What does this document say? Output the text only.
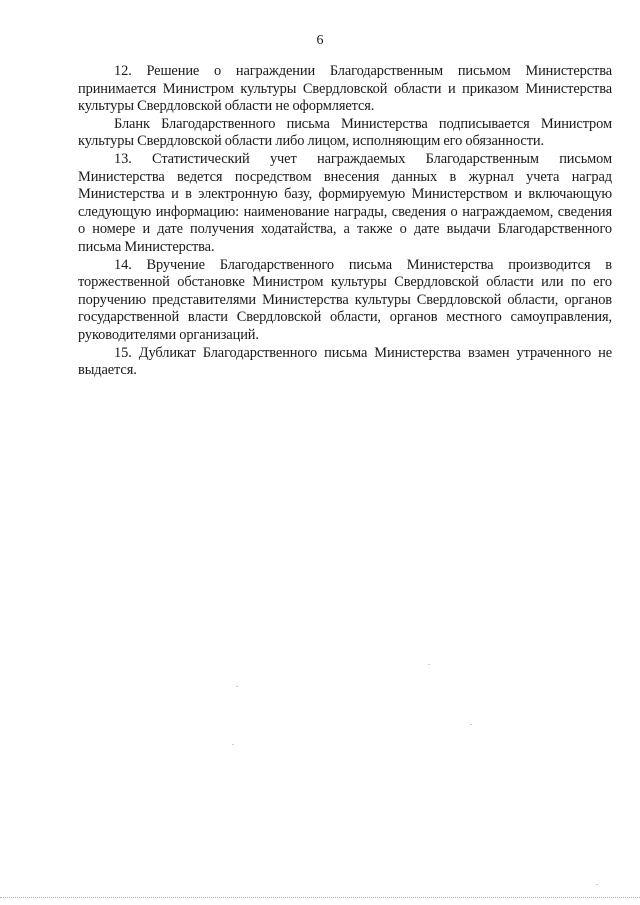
6

12. Решение о награждении Благодарственным письмом Министерства принимается Министром культуры Свердловской области и приказом Министерства культуры Свердловской области не оформляется.

Бланк Благодарственного письма Министерства подписывается Министром культуры Свердловской области либо лицом, исполняющим его обязанности.

13. Статистический учет награждаемых Благодарственным письмом Министерства ведется посредством внесения данных в журнал учета наград Министерства и в электронную базу, формируемую Министерством и включающую следующую информацию: наименование награды, сведения о награждаемом, сведения о номере и дате получения ходатайства, а также о дате выдачи Благодарственного письма Министерства.

14. Вручение Благодарственного письма Министерства производится в торжественной обстановке Министром культуры Свердловской области или по его поручению представителями Министерства культуры Свердловской области, органов государственной власти Свердловской области, органов местного самоуправления, руководителями организаций.

15. Дубликат Благодарственного письма Министерства взамен утраченного не выдается.
